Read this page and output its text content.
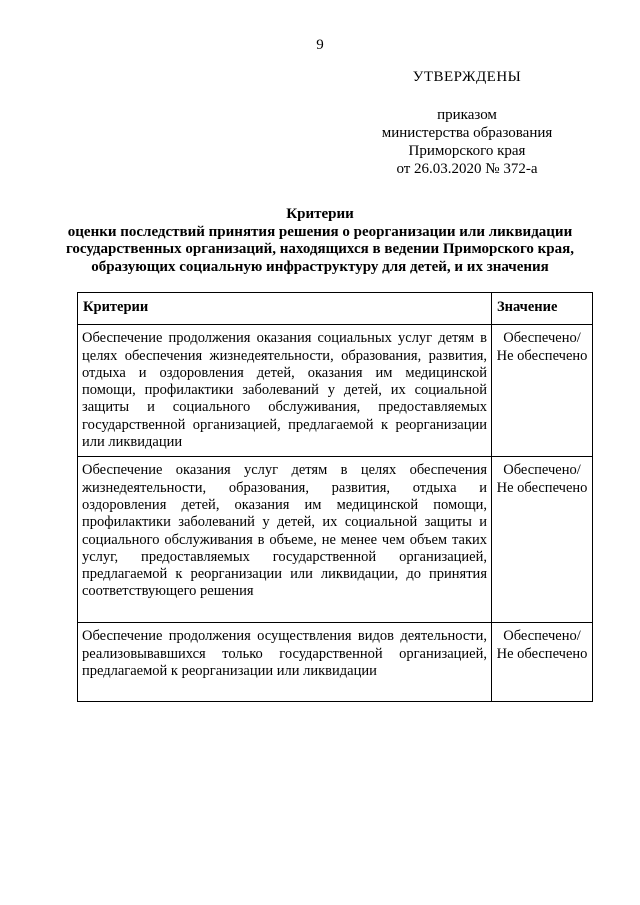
9
УТВЕРЖДЕНЫ
приказом
министерства образования
Приморского края
от 26.03.2020 № 372-а
Критерии
оценки последствий принятия решения о реорганизации или ликвидации государственных организаций, находящихся в ведении Приморского края, образующих социальную инфраструктуру для детей, и их значения
Критерии	Значение
Обеспечение продолжения оказания социальных услуг детям в целях обеспечения жизнедеятельности, образования, развития, отдыха и оздоровления детей, оказания им медицинской помощи, профилактики заболеваний у детей, их социальной защиты и социального обслуживания, предоставляемых государственной организацией, предлагаемой к реорганизации или ликвидации	Обеспечено/ Не обеспечено
Обеспечение оказания услуг детям в целях обеспечения жизнедеятельности, образования, развития, отдыха и оздоровления детей, оказания им медицинской помощи, профилактики заболеваний у детей, их социальной защиты и социального обслуживания в объеме, не менее чем объем таких услуг, предоставляемых государственной организацией, предлагаемой к реорганизации или ликвидации, до принятия соответствующего решения	Обеспечено/ Не обеспечено
Обеспечение продолжения осуществления видов деятельности, реализовывавшихся только государственной организацией, предлагаемой к реорганизации или ликвидации	Обеспечено/ Не обеспечено
